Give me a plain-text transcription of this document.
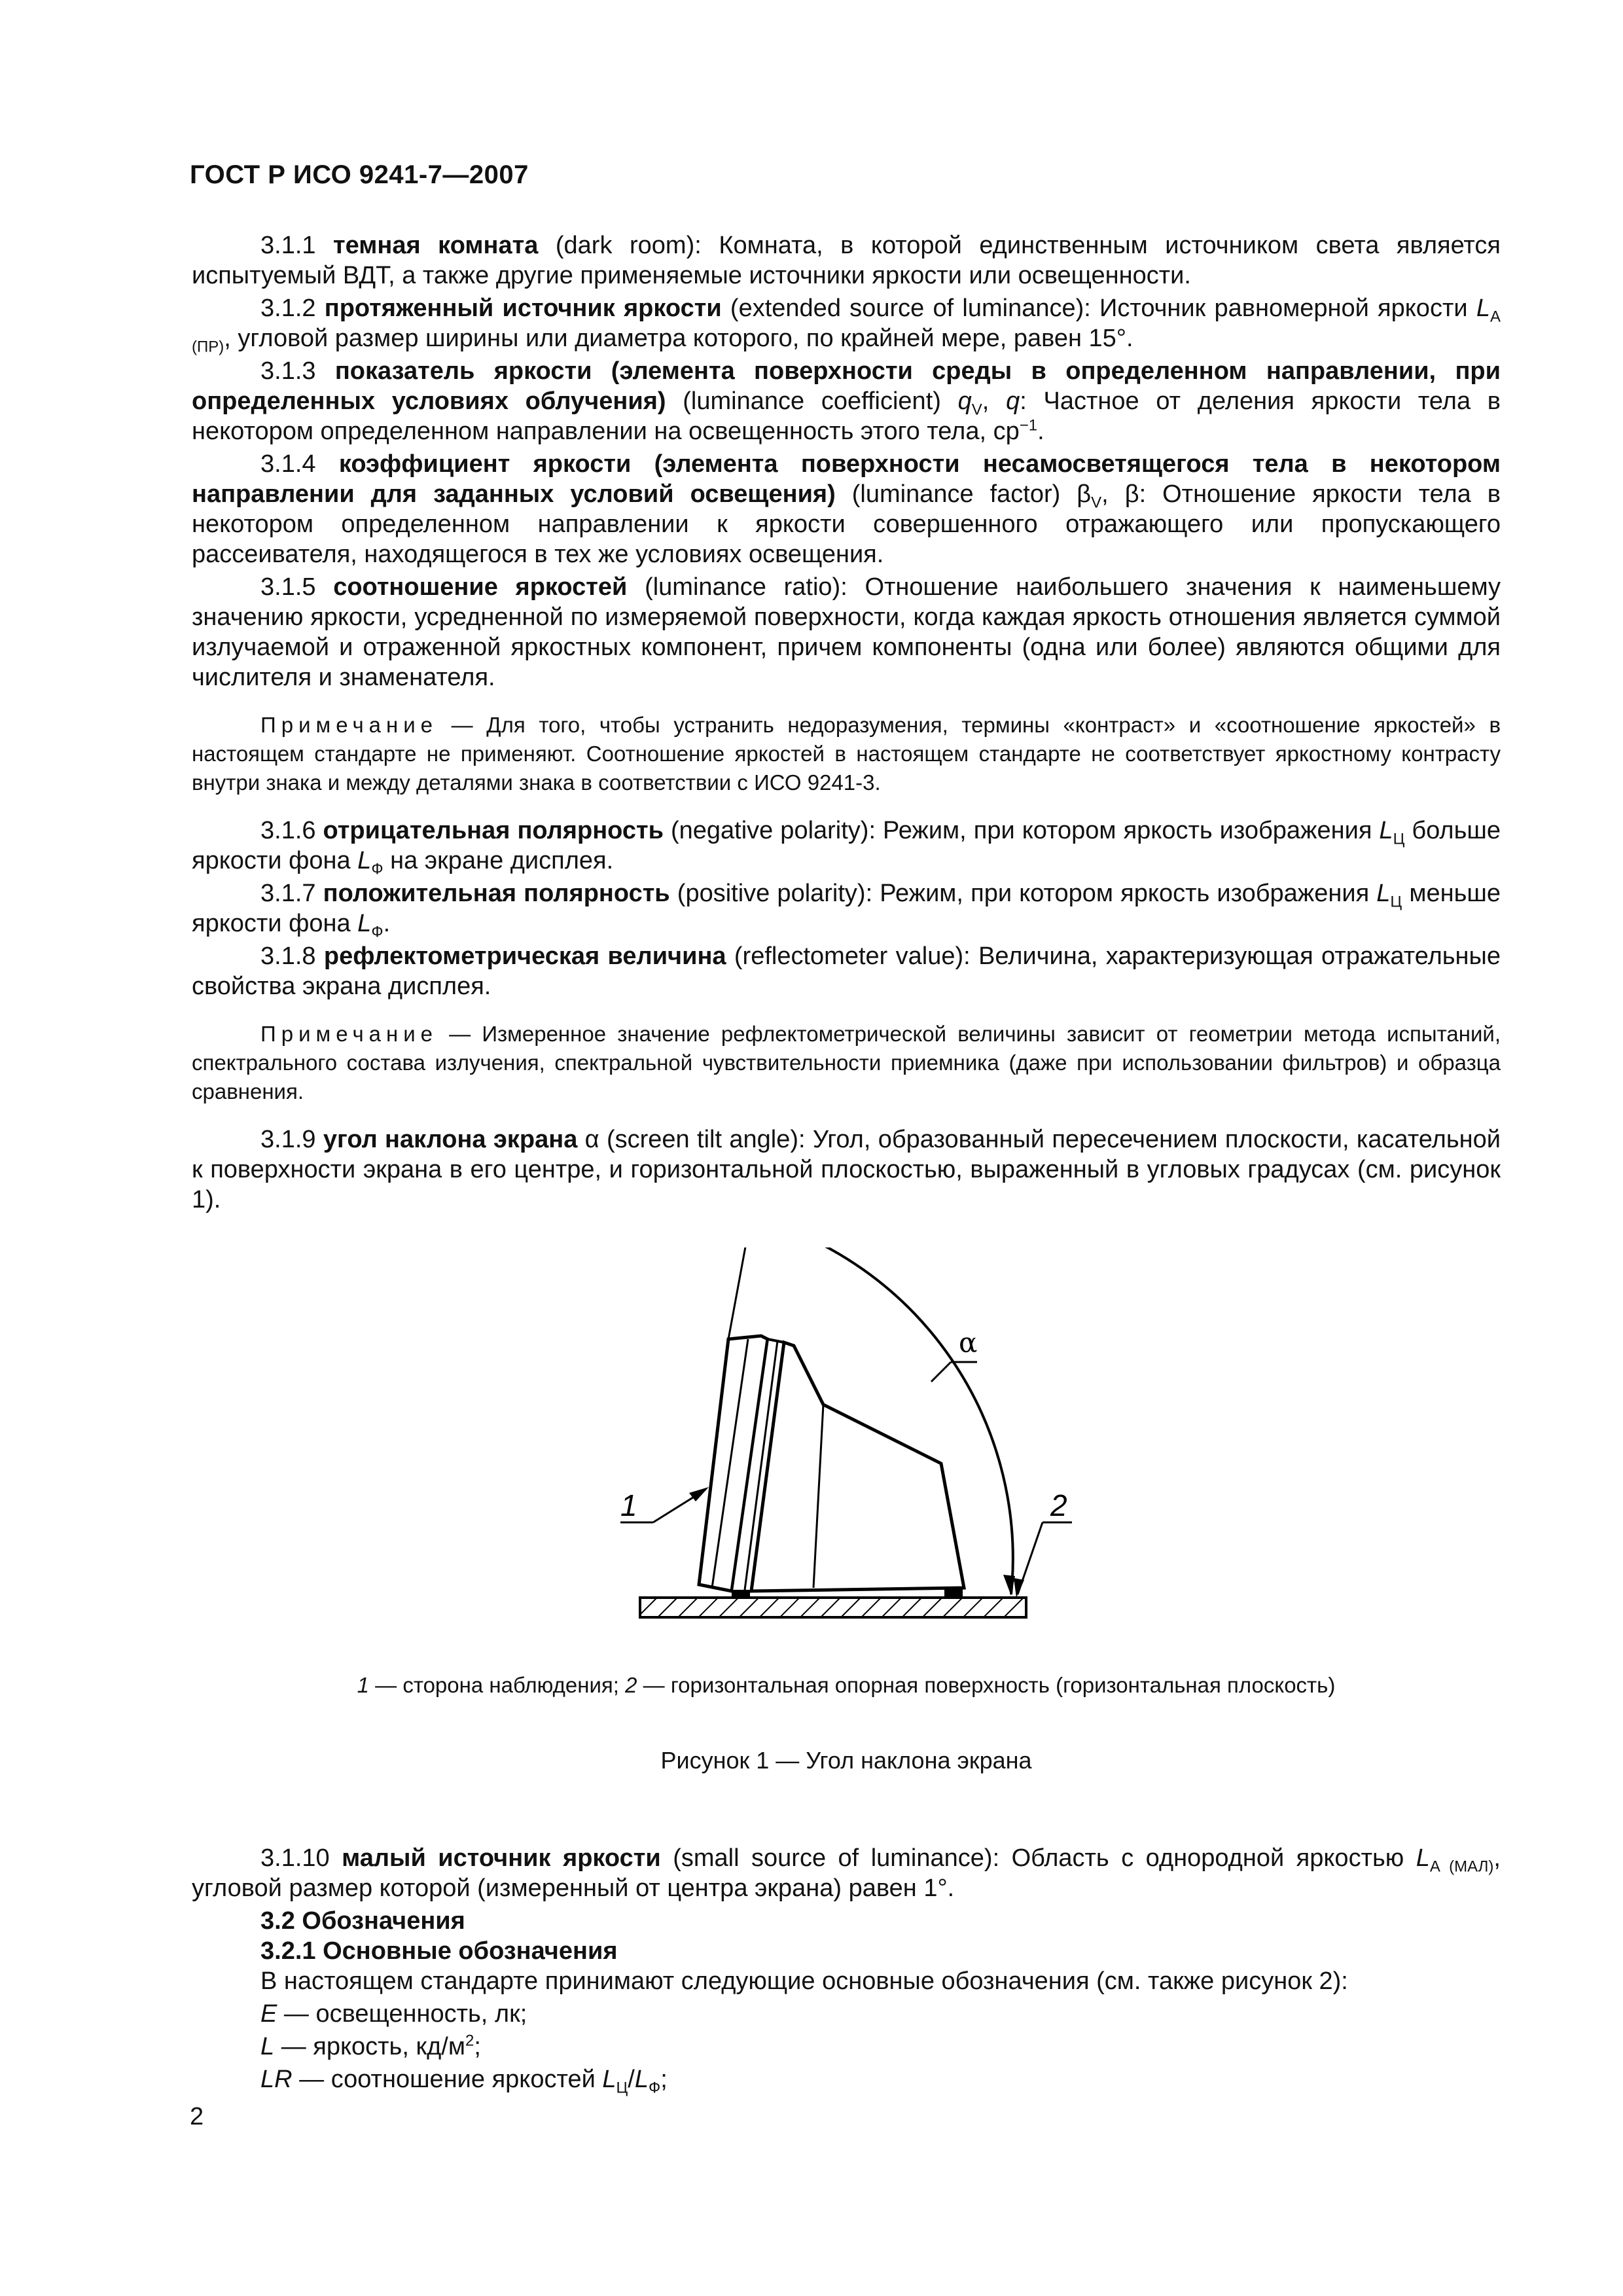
ГОСТ Р ИСО 9241-7—2007

3.1.1 темная комната (dark room): Комната, в которой единственным источником света является испытуемый ВДТ, а также другие применяемые источники яркости или освещенности.

3.1.2 протяженный источник яркости (extended source of luminance): Источник равномерной яркости $L_{A (ПР)}$, угловой размер ширины или диаметра которого, по крайней мере, равен 15°.

3.1.3 показатель яркости (элемента поверхности среды в определенном направлении, при определенных условиях облучения) (luminance coefficient) $q_V$, q: Частное от деления яркости тела в некотором определенном направлении на освещенность этого тела, $ср^{-1}$.

3.1.4 коэффициент яркости (элемента поверхности несамосветящегося тела в некотором направлении для заданных условий освещения) (luminance factor) $\beta_V$, β: Отношение яркости тела в некотором определенном направлении к яркости совершенного отражающего или пропускающего рассеивателя, находящегося в тех же условиях освещения.

3.1.5 соотношение яркостей (luminance ratio): Отношение наибольшего значения к наименьшему значению яркости, усредненной по измеряемой поверхности, когда каждая яркость отношения является суммой излучаемой и отраженной яркостных компонент, причем компоненты (одна или более) являются общими для числителя и знаменателя.

Примечание — Для того, чтобы устранить недоразумения, термины «контраст» и «соотношение яркостей» в настоящем стандарте не применяют. Соотношение яркостей в настоящем стандарте не соответствует яркостному контрасту внутри знака и между деталями знака в соответствии с ИСО 9241-3.

3.1.6 отрицательная полярность (negative polarity): Режим, при котором яркость изображения $L_Ц$ больше яркости фона $L_Ф$ на экране дисплея.

3.1.7 положительная полярность (positive polarity): Режим, при котором яркость изображения $L_Ц$ меньше яркости фона $L_Ф$.

3.1.8 рефлектометрическая величина (reflectometer value): Величина, характеризующая отражательные свойства экрана дисплея.

Примечание — Измеренное значение рефлектометрической величины зависит от геометрии метода испытаний, спектрального состава излучения, спектральной чувствительности приемника (даже при использовании фильтров) и образца сравнения.

3.1.9 угол наклона экрана α (screen tilt angle): Угол, образованный пересечением плоскости, касательной к поверхности экрана в его центре, и горизонтальной плоскостью, выраженный в угловых градусах (см. рисунок 1).

α
1	2
1 — сторона наблюдения; 2 — горизонтальная опорная поверхность (горизонтальная плоскость)
Рисунок 1 — Угол наклона экрана

3.1.10 малый источник яркости (small source of luminance): Область с однородной яркостью $L_{A (МАЛ)}$, угловой размер которой (измеренный от центра экрана) равен 1°.

3.2 Обозначения

3.2.1 Основные обозначения

В настоящем стандарте принимают следующие основные обозначения (см. также рисунок 2):

E — освещенность, лк;

L — яркость, $кд/м^2$;

LR — соотношение яркостей $L_Ц/L_Ф$;

2
